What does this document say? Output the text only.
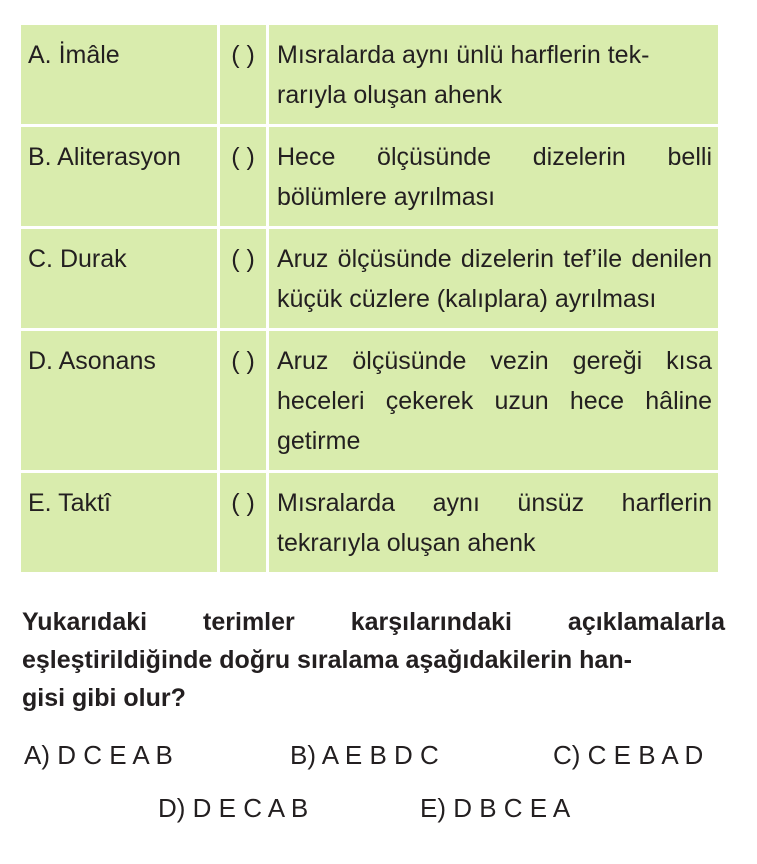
A. İmâle	( )	Mısralarda aynı ünlü harflerin tek-
rarıyla oluşan ahenk
B. Aliterasyon	( )	Hece ölçüsünde dizelerin belli bölümlere ayrılması
C. Durak	( )	Aruz ölçüsünde dizelerin tef’ile denilen küçük cüzlere (kalıplara) ayrılması
D. Asonans	( )	Aruz ölçüsünde vezin gereği kısa heceleri çekerek uzun hece hâline getirme
E. Taktî	( )	Mısralarda aynı ünsüz harflerin tekrarıyla oluşan ahenk
Yukarıdaki terimler karşılarındaki açıklamalarla eşleştirildiğinde doğru sıralama aşağıdakilerin han-
gisi gibi olur?
A) D C E A B	B) A E B D C	C) C E B A D
D) D E C A B	E) D B C E A
